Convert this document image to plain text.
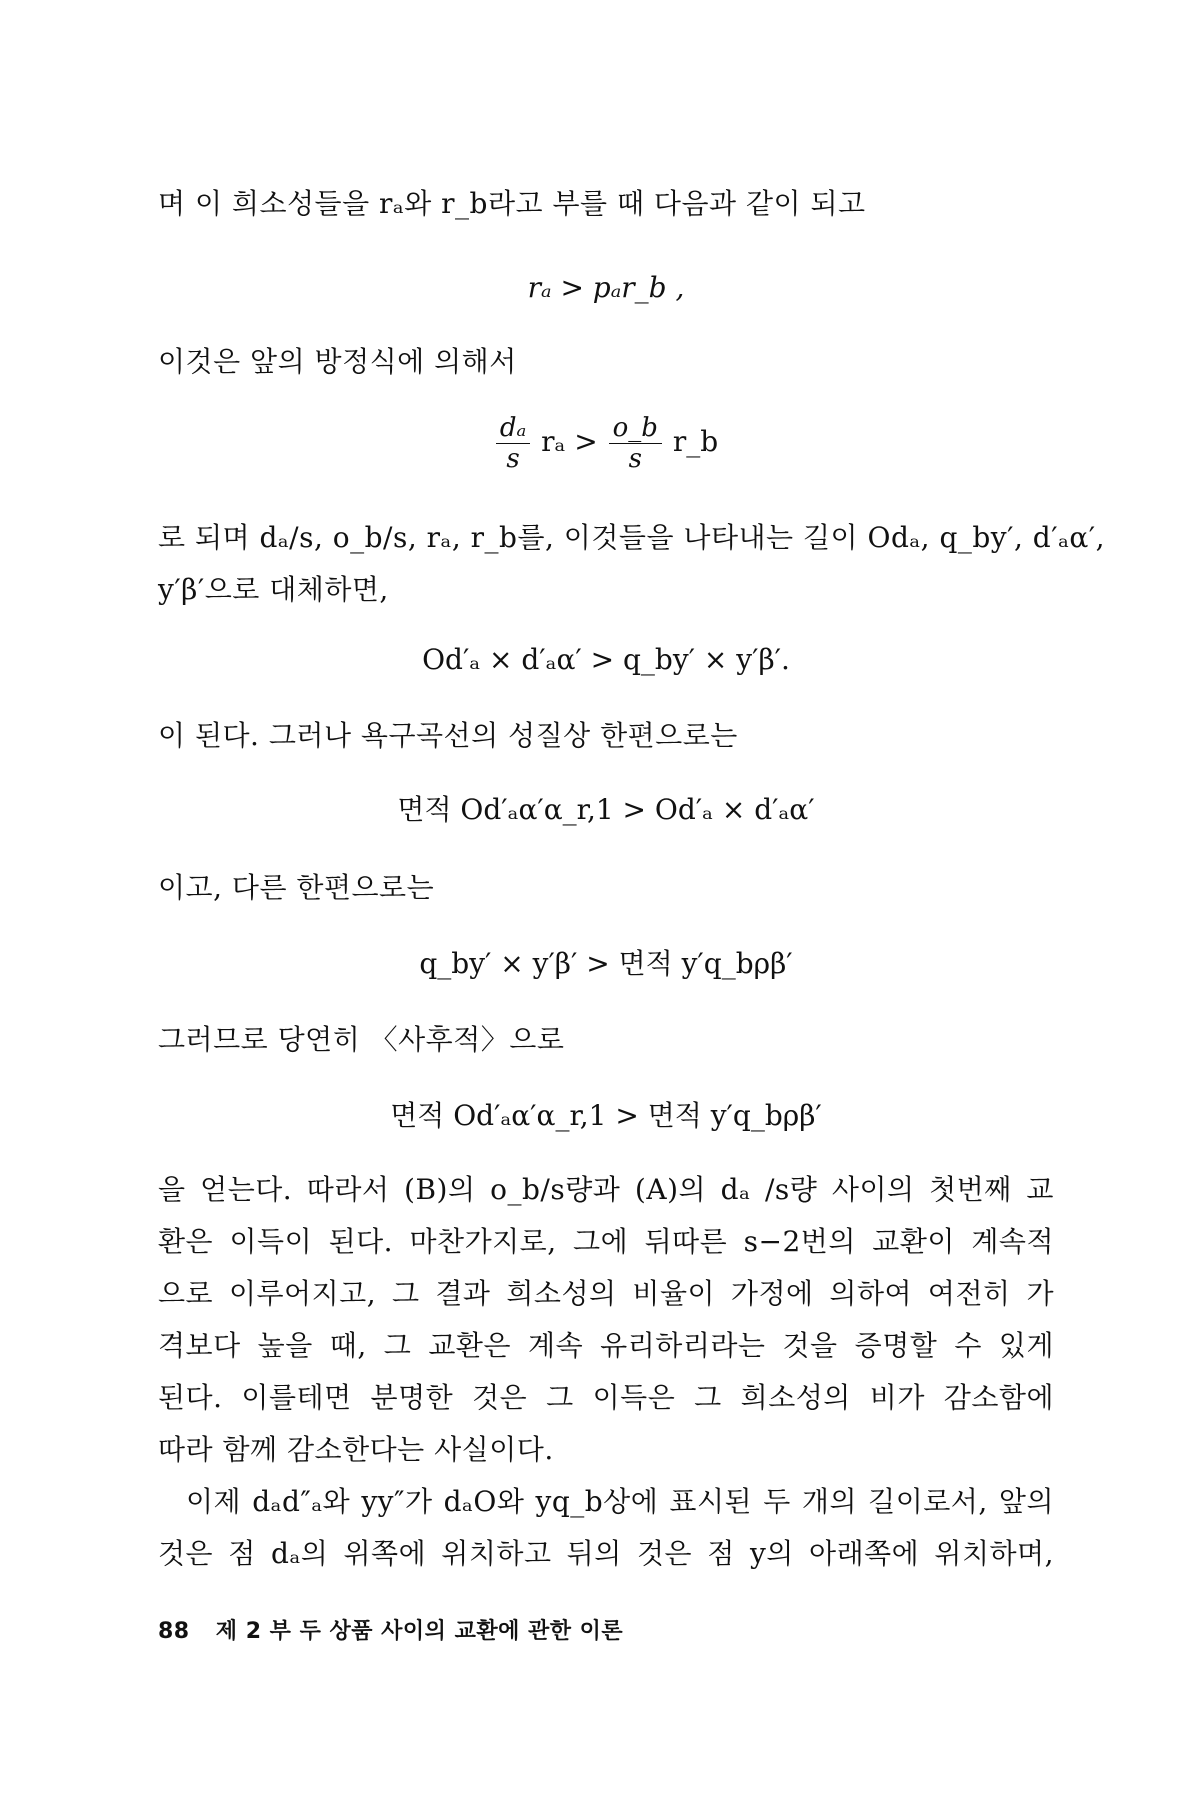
며 이 희소성들을 rₐ와 r_b라고 부를 때 다음과 같이 되고
rₐ > pₐr_b ,
이것은 앞의 방정식에 의해서
$\frac{\text{dₐ}}{s}$ $r_a > \frac{o\_b}{s}$ r_b
로 되며 dₐ/s, o_b/s, rₐ, r_b를, 이것들을 나타내는 길이 Odₐ, q_by′, d′ₐα′,
y′β′으로 대체하면,
Od′ₐ × d′ₐα′ > q_by′ × y′β′.
이 된다. 그러나 욕구곡선의 성질상 한편으로는
면적 Od′ₐα′α_r,1 > Od′ₐ × d′ₐα′
이고, 다른 한편으로는
q_by′ × y′β′ > 면적 y′q_bρβ′
그러므로 당연히 〈사후적〉으로
면적 Od′ₐα′α_r,1 > 면적 y′q_bρβ′
을 얻는다. 따라서 (B)의 o_b/s량과 (A)의 dₐ /s량 사이의 첫번째 교
환은 이득이 된다. 마찬가지로, 그에 뒤따른 s−2번의 교환이 계속적
으로 이루어지고, 그 결과 희소성의 비율이 가정에 의하여 여전히 가
격보다 높을 때, 그 교환은 계속 유리하리라는 것을 증명할 수 있게
된다. 이를테면 분명한 것은 그 이득은 그 희소성의 비가 감소함에
따라 함께 감소한다는 사실이다.
이제 dₐd″ₐ와 yy″가 dₐO와 yq_b상에 표시된 두 개의 길이로서, 앞의
것은 점 dₐ의 위쪽에 위치하고 뒤의 것은 점 y의 아래쪽에 위치하며,
88 제 2 부 두 상품 사이의 교환에 관한 이론
